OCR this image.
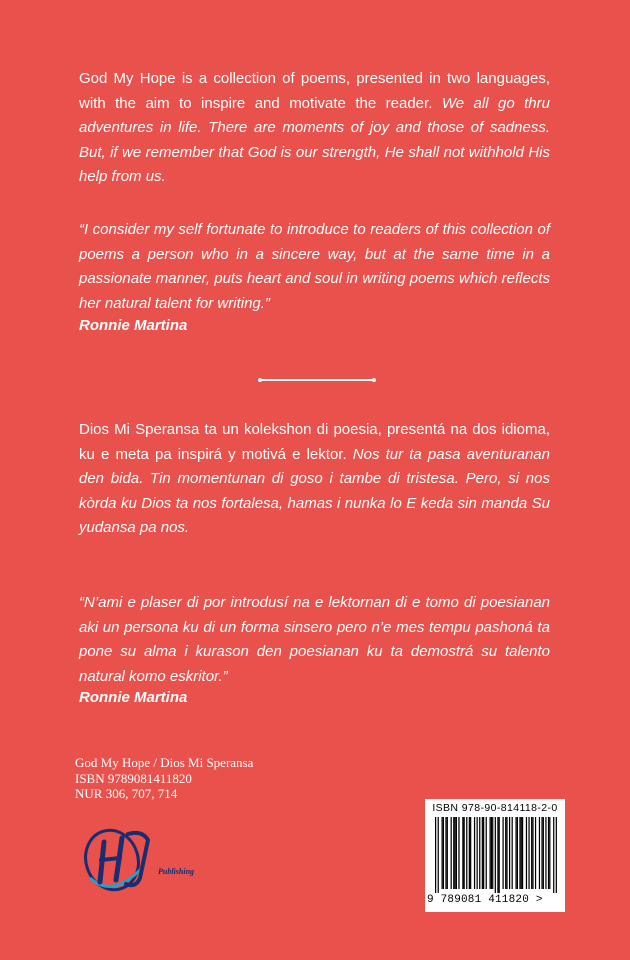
God My Hope is a collection of poems, presented in two languages, with the aim to inspire and motivate the reader. We all go thru adventures in life. There are moments of joy and those of sadness. But, if we remember that God is our strength, He shall not withhold His help from us.

“I consider my self fortunate to introduce to readers of this collection of poems a person who in a sincere way, but at the same time in a passionate manner, puts heart and soul in writing poems which reflects her natural talent for writing.”

Ronnie Martina

Dios Mi Speransa ta un kolekshon di poesia, presentá na dos idioma, ku e meta pa inspirá y motivá e lektor. Nos tur ta pasa aventuranan den bida. Tin momentunan di goso i tambe di tristesa. Pero, si nos kòrda ku Dios ta nos fortalesa, hamas i nunka lo E keda sin manda Su yudansa pa nos.

“N’ami e plaser di por introdusí na e lektornan di e tomo di poesianan aki un persona ku di un forma sinsero pero n’e mes tempu pashoná ta pone su alma i kurason den poesianan ku ta demostrá su talento natural komo eskritor.”

Ronnie Martina

God My Hope / Dios Mi Speransa
ISBN 9789081411820
NUR 306, 707, 714
Publishing
ISBN 978-90-814118-2-0
9 789081 411820 >
